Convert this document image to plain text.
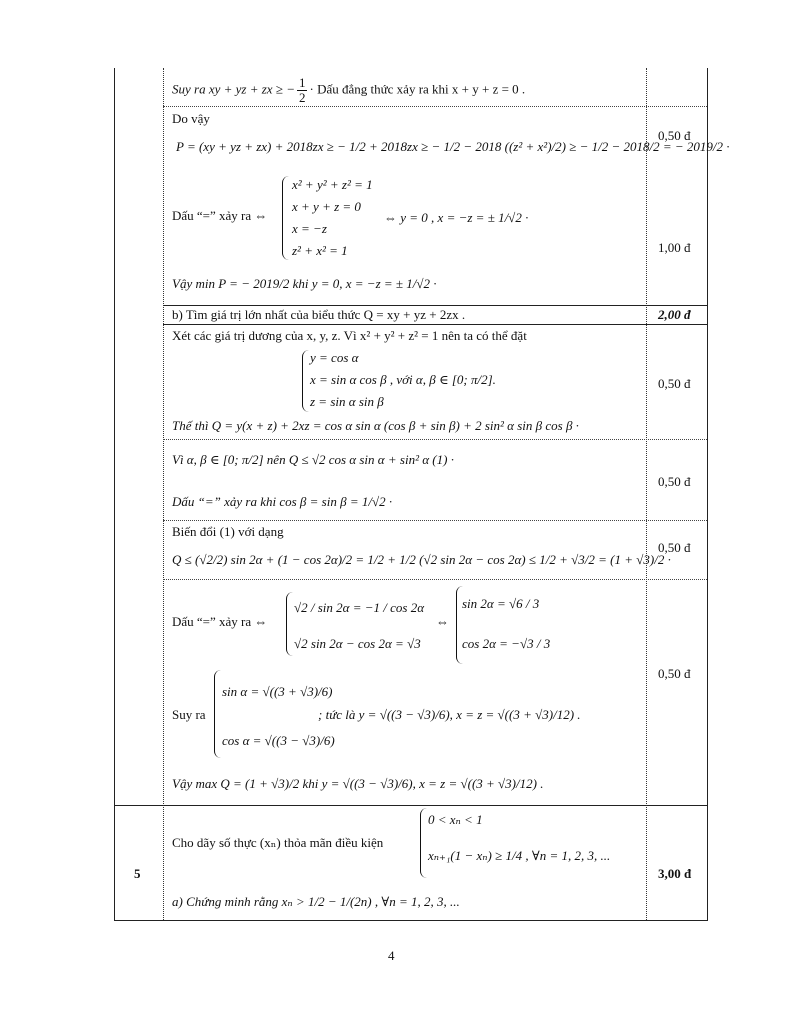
Suy ra xy + yz + zx ≥ − $\frac{1}{2}$ · Dấu đẳng thức xảy ra khi x + y + z = 0 .
Do vậy
P = (xy + yz + zx) + 2018zx ≥ − 1/2 + 2018zx ≥ − 1/2 − 2018 ((z² + x²)/2) ≥ − 1/2 − 2018/2 = − 2019/2 ·
0,50 đ
Dấu “=” xảy ra ⇔
x² + y² + z² = 1
x + y + z = 0
x = −z
z² + x² = 1
⇔ y = 0 , x = −z = ± 1/√2 ·
1,00 đ
Vậy min P = − 2019/2 khi y = 0, x = −z = ± 1/√2 ·
b) Tìm giá trị lớn nhất của biểu thức Q = xy + yz + 2zx .	2,00 đ
Xét các giá trị dương của x, y, z. Vì x² + y² + z² = 1 nên ta có thể đặt
y = cos α
x = sin α cos β , với α, β ∈ [0; π/2].
z = sin α sin β
0,50 đ
Thế thì Q = y(x + z) + 2xz = cos α sin α (cos β + sin β) + 2 sin² α sin β cos β ·
Vì α, β ∈ [0; π/2] nên Q ≤ √2 cos α sin α + sin² α (1) ·
0,50 đ
Dấu “=” xảy ra khi cos β = sin β = 1/√2 ·
Biến đổi (1) với dạng
Q ≤ (√2/2) sin 2α + (1 − cos 2α)/2 = 1/2 + 1/2 (√2 sin 2α − cos 2α) ≤ 1/2 + √3/2 = (1 + √3)/2 ·
0,50 đ
Dấu “=” xảy ra ⇔
√2 / sin 2α = −1 / cos 2α
√2 sin 2α − cos 2α = √3
⇔
sin 2α = √6 / 3
cos 2α = −√3 / 3
0,50 đ
Suy ra
sin α = √((3 + √3)/6)
cos α = √((3 − √3)/6)
; tức là y = √((3 − √3)/6), x = z = √((3 + √3)/12) .
Vậy max Q = (1 + √3)/2 khi y = √((3 − √3)/6), x = z = √((3 + √3)/12) .
5
Cho dãy số thực (xₙ) thỏa mãn điều kiện
0 < xₙ < 1
xₙ₊₁(1 − xₙ) ≥ 1/4 , ∀n = 1, 2, 3, ...
3,00 đ
a) Chứng minh rằng xₙ > 1/2 − 1/(2n) , ∀n = 1, 2, 3, ...
4
